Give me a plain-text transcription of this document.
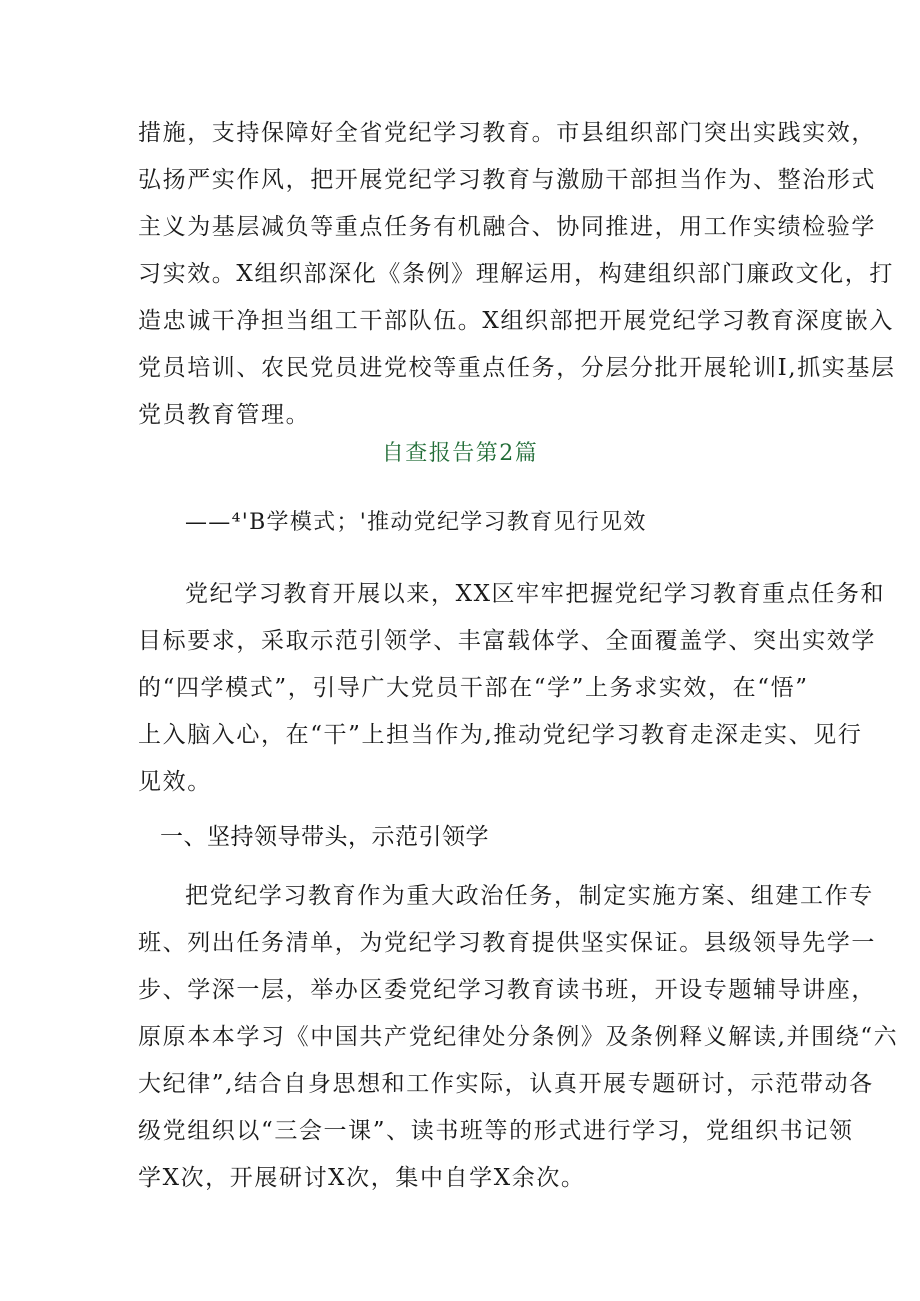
措施，支持保障好全省党纪学习教育。市县组织部门突出实践实效，
弘扬严实作风，把开展党纪学习教育与激励干部担当作为、整治形式
主义为基层减负等重点任务有机融合、协同推进，用工作实绩检验学
习实效。X组织部深化《条例》理解运用，构建组织部门廉政文化，打
造忠诚干净担当组工干部队伍。X组织部把开展党纪学习教育深度嵌入
党员培训、农民党员进党校等重点任务，分层分批开展轮训I,抓实基层
党员教育管理。
自查报告第2篇
——⁴'B学模式；'推动党纪学习教育见行见效
党纪学习教育开展以来，XX区牢牢把握党纪学习教育重点任务和
目标要求，采取示范引领学、丰富载体学、全面覆盖学、突出实效学
的“四学模式”，引导广大党员干部在“学”上务求实效，在“悟”
上入脑入心，在“干”上担当作为,推动党纪学习教育走深走实、见行
见效。
一、坚持领导带头，示范引领学
把党纪学习教育作为重大政治任务，制定实施方案、组建工作专
班、列出任务清单，为党纪学习教育提供坚实保证。县级领导先学一
步、学深一层，举办区委党纪学习教育读书班，开设专题辅导讲座，
原原本本学习《中国共产党纪律处分条例》及条例释义解读,并围绕“六
大纪律”,结合自身思想和工作实际，认真开展专题研讨，示范带动各
级党组织以“三会一课”、读书班等的形式进行学习，党组织书记领
学X次，开展研讨X次，集中自学X余次。
